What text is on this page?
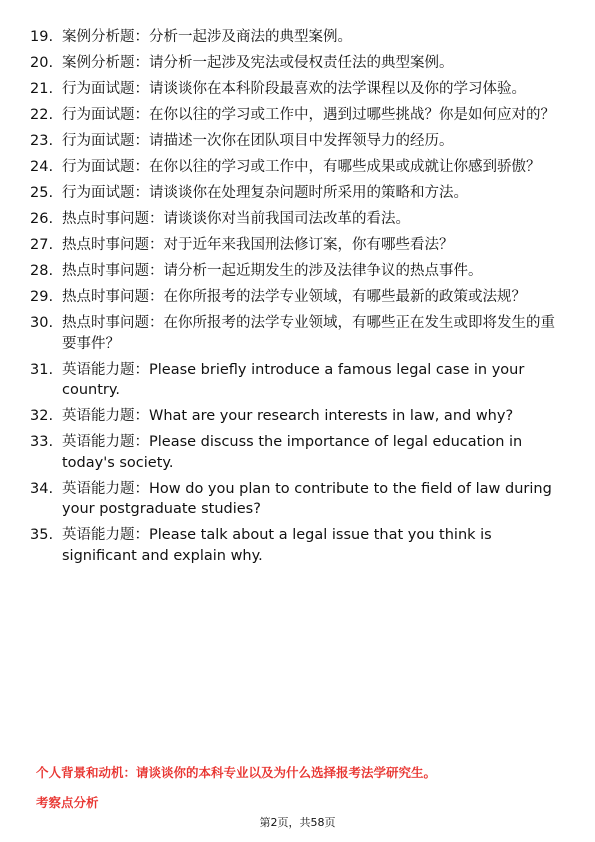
19. 案例分析题：分析一起涉及商法的典型案例。
20. 案例分析题：请分析一起涉及宪法或侵权责任法的典型案例。
21. 行为面试题：请谈谈你在本科阶段最喜欢的法学课程以及你的学习体验。
22. 行为面试题：在你以往的学习或工作中，遇到过哪些挑战？你是如何应对的？
23. 行为面试题：请描述一次你在团队项目中发挥领导力的经历。
24. 行为面试题：在你以往的学习或工作中，有哪些成果或成就让你感到骄傲？
25. 行为面试题：请谈谈你在处理复杂问题时所采用的策略和方法。
26. 热点时事问题：请谈谈你对当前我国司法改革的看法。
27. 热点时事问题：对于近年来我国刑法修订案，你有哪些看法？
28. 热点时事问题：请分析一起近期发生的涉及法律争议的热点事件。
29. 热点时事问题：在你所报考的法学专业领域，有哪些最新的政策或法规？
30. 热点时事问题：在你所报考的法学专业领域，有哪些正在发生或即将发生的重要事件？
31. 英语能力题：Please briefly introduce a famous legal case in your country.
32. 英语能力题：What are your research interests in law, and why?
33. 英语能力题：Please discuss the importance of legal education in today's society.
34. 英语能力题：How do you plan to contribute to the field of law during your postgraduate studies?
35. 英语能力题：Please talk about a legal issue that you think is significant and explain why.
个人背景和动机：请谈谈你的本科专业以及为什么选择报考法学研究生。
考察点分析
第2页，共58页
